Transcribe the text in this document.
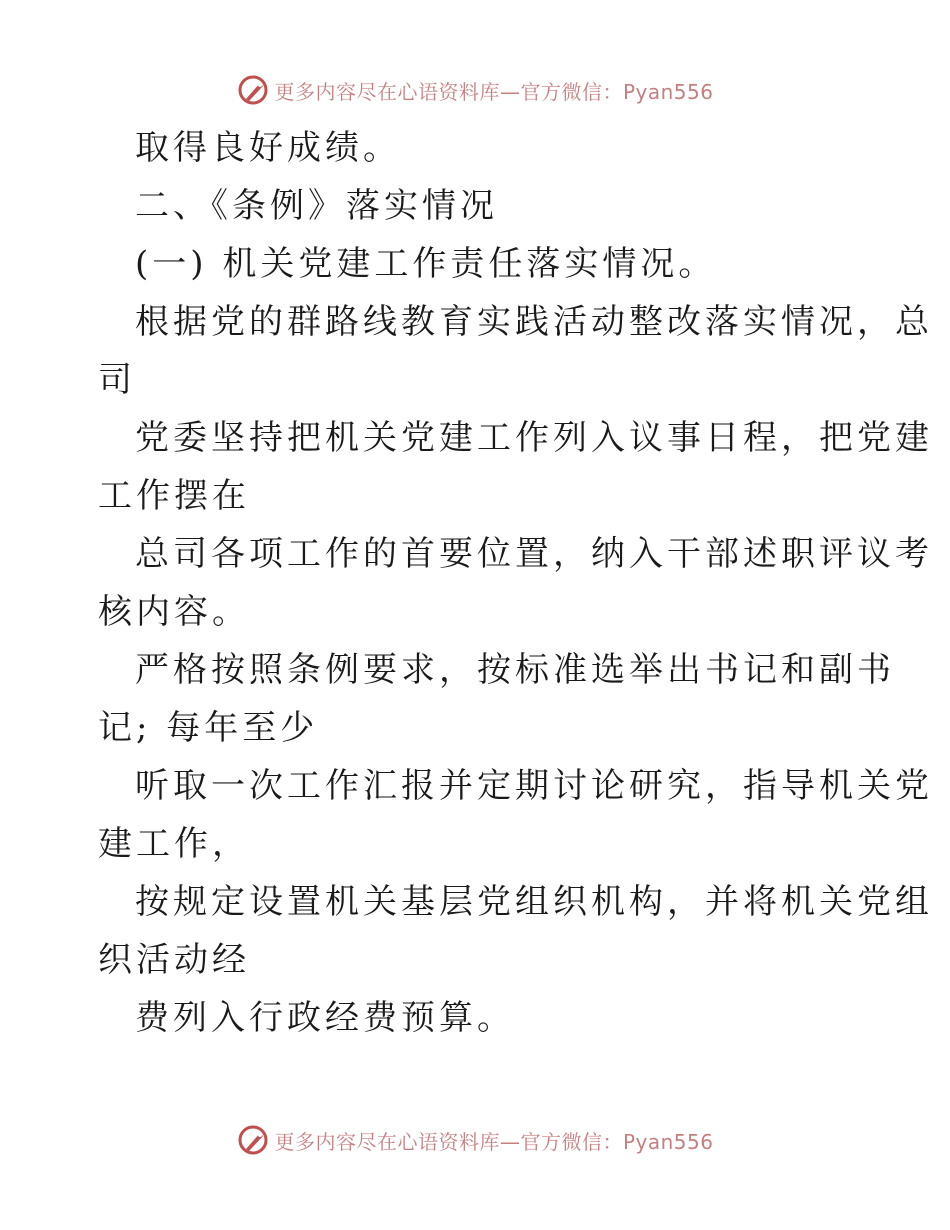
更多内容尽在心语资料库—官方微信：Pyan556
取得良好成绩。
二、《条例》落实情况
(一) 机关党建工作责任落实情况。
根据党的群路线教育实践活动整改落实情况，总
司
党委坚持把机关党建工作列入议事日程，把党建
工作摆在
总司各项工作的首要位置，纳入干部述职评议考
核内容。
严格按照条例要求，按标准选举出书记和副书
记; 每年至少
听取一次工作汇报并定期讨论研究，指导机关党
建工作，
按规定设置机关基层党组织机构，并将机关党组
织活动经
费列入行政经费预算。
更多内容尽在心语资料库—官方微信：Pyan556
